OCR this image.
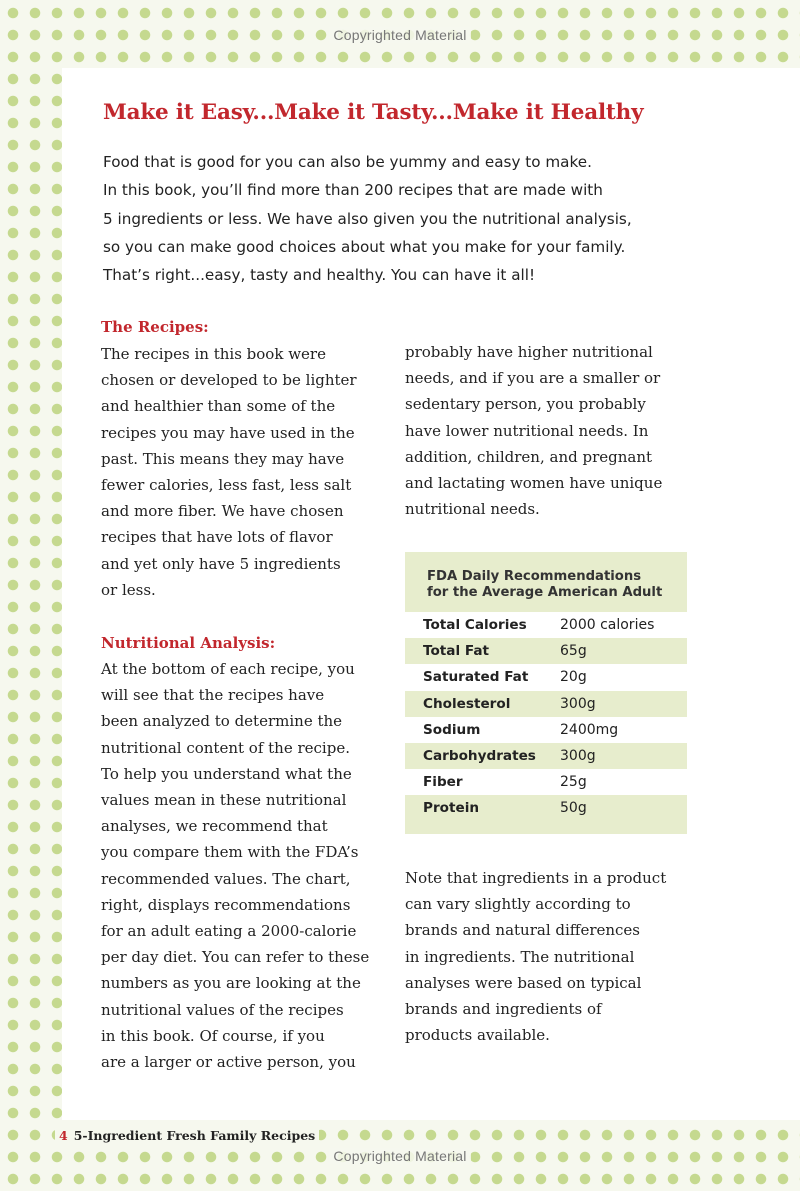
Copyrighted Material
Make it Easy...Make it Tasty...Make it Healthy
Food that is good for you can also be yummy and easy to make.
In this book, you’ll find more than 200 recipes that are made with
5 ingredients or less. We have also given you the nutritional analysis,
so you can make good choices about what you make for your family.
That’s right...easy, tasty and healthy. You can have it all!
The Recipes:
The recipes in this book were
chosen or developed to be lighter
and healthier than some of the
recipes you may have used in the
past. This means they may have
fewer calories, less fast, less salt
and more fiber. We have chosen
recipes that have lots of flavor
and yet only have 5 ingredients
or less.
Nutritional Analysis:
At the bottom of each recipe, you
will see that the recipes have
been analyzed to determine the
nutritional content of the recipe.
To help you understand what the
values mean in these nutritional
analyses, we recommend that
you compare them with the FDA’s
recommended values. The chart,
right, displays recommendations
for an adult eating a 2000-calorie
per day diet. You can refer to these
numbers as you are looking at the
nutritional values of the recipes
in this book. Of course, if you
are a larger or active person, you
probably have higher nutritional
needs, and if you are a smaller or
sedentary person, you probably
have lower nutritional needs. In
addition, children, and pregnant
and lactating women have unique
nutritional needs.
FDA Daily Recommendations
for the Average American Adult
Total Calories	2000 calories
Total Fat	65g
Saturated Fat	20g
Cholesterol	300g
Sodium	2400mg
Carbohydrates	300g
Fiber	25g
Protein	50g
Note that ingredients in a product
can vary slightly according to
brands and natural differences
in ingredients. The nutritional
analyses were based on typical
brands and ingredients of
products available.
4 5-Ingredient Fresh Family Recipes
Copyrighted Material
